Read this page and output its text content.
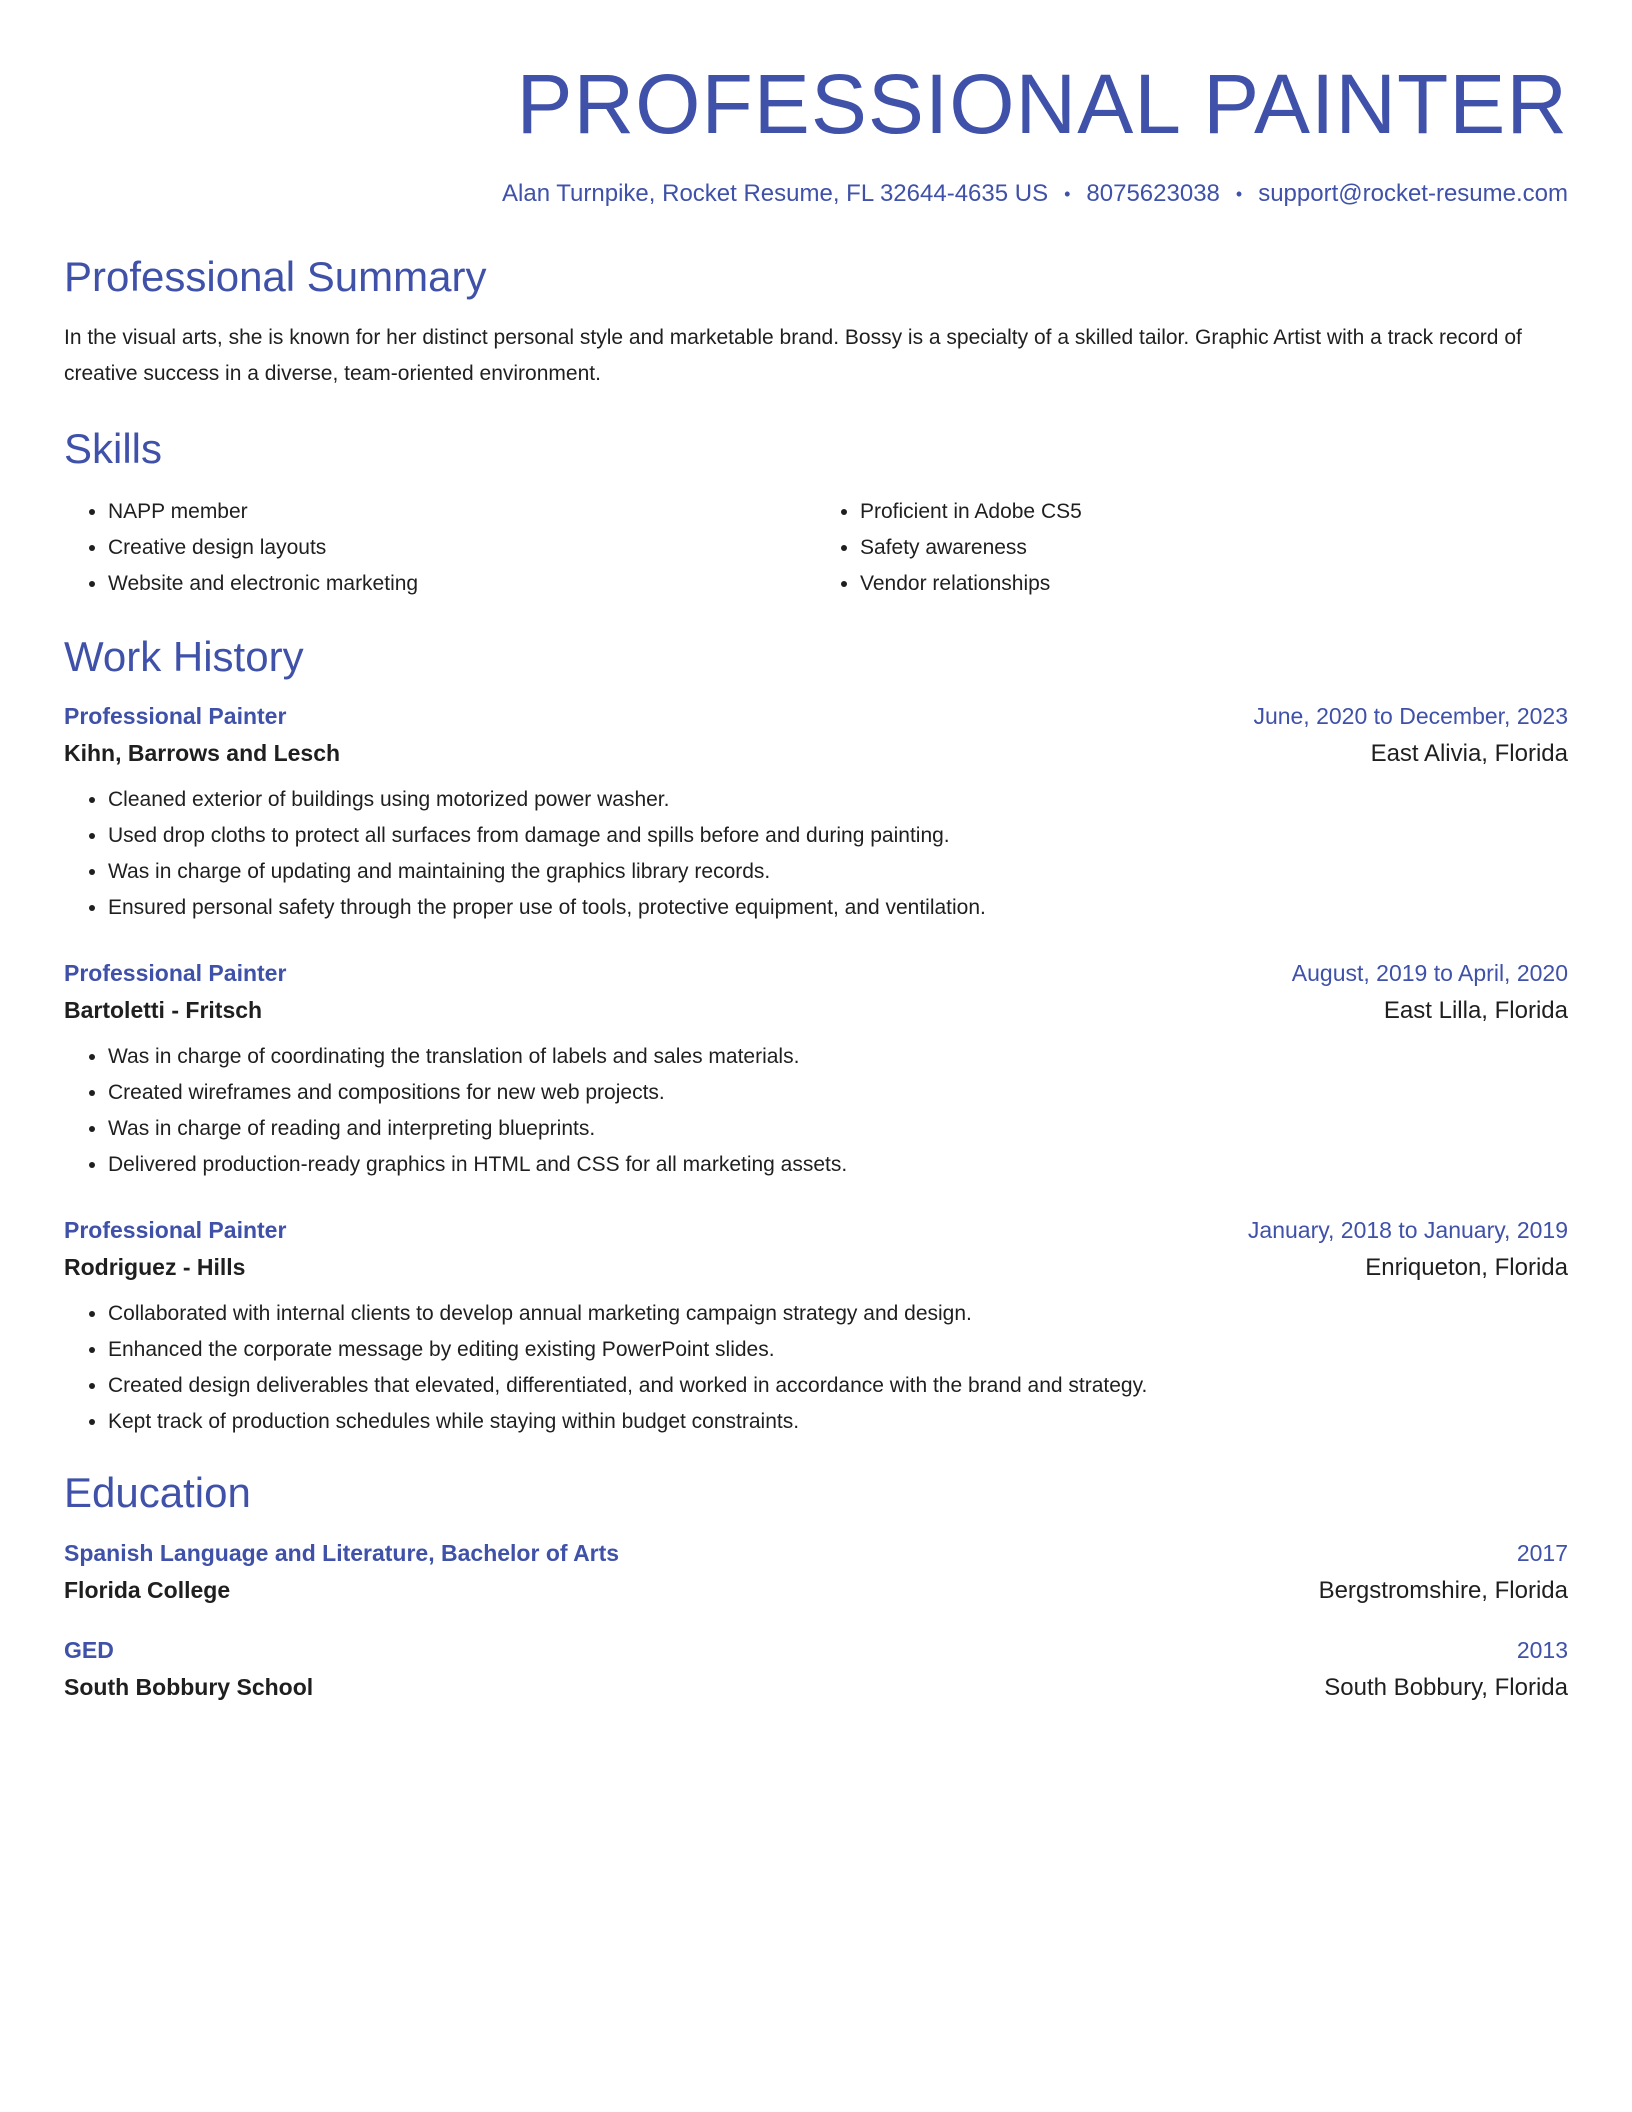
PROFESSIONAL PAINTER
Alan Turnpike, Rocket Resume, FL 32644-4635 US • 8075623038 • support@rocket-resume.com
Professional Summary
In the visual arts, she is known for her distinct personal style and marketable brand. Bossy is a specialty of a skilled tailor. Graphic Artist with a track record of creative success in a diverse, team-oriented environment.
Skills
• NAPP member
• Creative design layouts
• Website and electronic marketing
• Proficient in Adobe CS5
• Safety awareness
• Vendor relationships
Work History
Professional Painter	June, 2020 to December, 2023
Kihn, Barrows and Lesch	East Alivia, Florida
• Cleaned exterior of buildings using motorized power washer.
• Used drop cloths to protect all surfaces from damage and spills before and during painting.
• Was in charge of updating and maintaining the graphics library records.
• Ensured personal safety through the proper use of tools, protective equipment, and ventilation.
Professional Painter	August, 2019 to April, 2020
Bartoletti - Fritsch	East Lilla, Florida
• Was in charge of coordinating the translation of labels and sales materials.
• Created wireframes and compositions for new web projects.
• Was in charge of reading and interpreting blueprints.
• Delivered production-ready graphics in HTML and CSS for all marketing assets.
Professional Painter	January, 2018 to January, 2019
Rodriguez - Hills	Enriqueton, Florida
• Collaborated with internal clients to develop annual marketing campaign strategy and design.
• Enhanced the corporate message by editing existing PowerPoint slides.
• Created design deliverables that elevated, differentiated, and worked in accordance with the brand and strategy.
• Kept track of production schedules while staying within budget constraints.
Education
Spanish Language and Literature, Bachelor of Arts	2017
Florida College	Bergstromshire, Florida
GED	2013
South Bobbury School	South Bobbury, Florida
